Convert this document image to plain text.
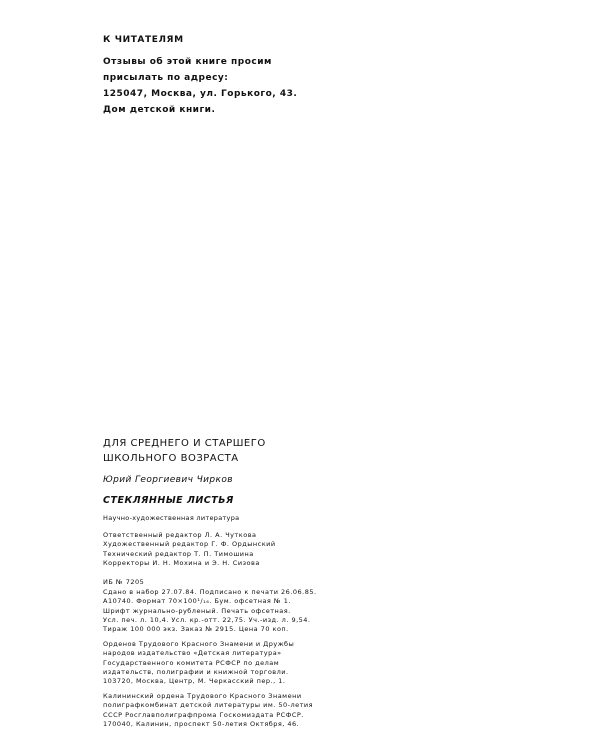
К ЧИТАТЕЛЯМ
Отзывы об этой книге просим
присылать по адресу:
125047, Москва, ул. Горького, 43.
Дом детской книги.
ДЛЯ СРЕДНЕГО И СТАРШЕГО
ШКОЛЬНОГО ВОЗРАСТА
Юрий Георгиевич Чирков
СТЕКЛЯННЫЕ ЛИСТЬЯ
Научно-художественная литература
Ответственный редактор Л. А. Чуткова
Художественный редактор Г. Ф. Ордынский
Технический редактор Т. П. Тимошина
Корректоры И. Н. Мохина и Э. Н. Сизова
ИБ № 7205
Сдано в набор 27.07.84. Подписано к печати 26.06.85.
А10740. Формат 70×100¹/₁₆. Бум. офсетная № 1.
Шрифт журнально-рубленый. Печать офсетная.
Усл. печ. л. 10,4. Усл. кр.-отт. 22,75. Уч.-изд. л. 9,54.
Тираж 100 000 экз. Заказ № 2915. Цена 70 коп.
Орденов Трудового Красного Знамени и Дружбы
народов издательство «Детская литература»
Государственного комитета РСФСР по делам
издательств, полиграфии и книжной торговли.
103720, Москва, Центр, М. Черкасский пер., 1.
Калининский ордена Трудового Красного Знамени
полиграфкомбинат детской литературы им. 50-летия
СССР Росглавполиграфпрома Госкомиздата РСФСР.
170040, Калинин, проспект 50-летия Октября, 46.
